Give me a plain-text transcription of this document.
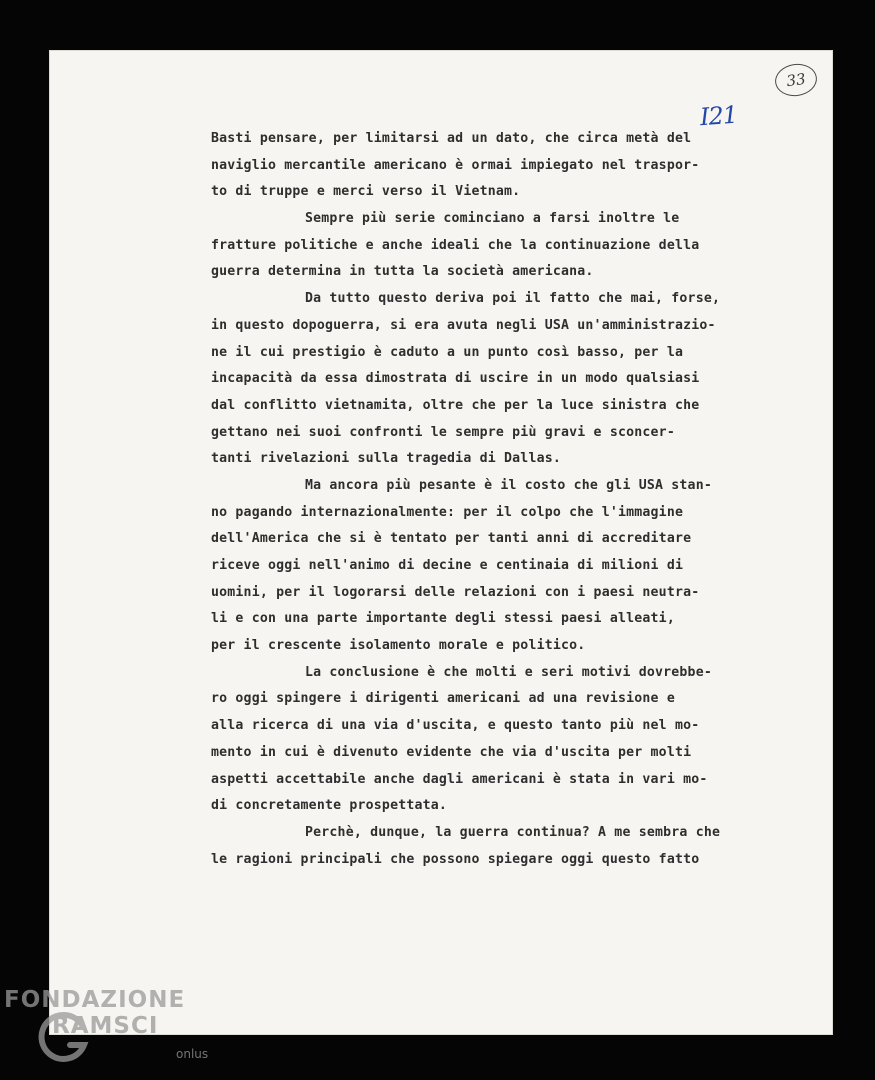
33
I21
Basti pensare, per limitarsi ad un dato, che circa metà del
naviglio mercantile americano è ormai impiegato nel traspor-
to di truppe e merci verso il Vietnam.
Sempre più serie cominciano a farsi inoltre le
fratture politiche e anche ideali che la continuazione della
guerra determina in tutta la società americana.
Da tutto questo deriva poi il fatto che mai, forse,
in questo dopoguerra, si era avuta negli USA un'amministrazio-
ne il cui prestigio è caduto a un punto così basso, per la
incapacità da essa dimostrata di uscire in un modo qualsiasi
dal conflitto vietnamita, oltre che per la luce sinistra che
gettano nei suoi confronti le sempre più gravi e sconcer-
tanti rivelazioni sulla tragedia di Dallas.
Ma ancora più pesante è il costo che gli USA stan-
no pagando internazionalmente: per il colpo che l'immagine
dell'America che si è tentato per tanti anni di accreditare
riceve oggi nell'animo di decine e centinaia di milioni di
uomini, per il logorarsi delle relazioni con i paesi neutra-
li e con una parte importante degli stessi paesi alleati,
per il crescente isolamento morale e politico.
La conclusione è che molti e seri motivi dovrebbe-
ro oggi spingere i dirigenti americani ad una revisione e
alla ricerca di una via d'uscita, e questo tanto più nel mo-
mento in cui è divenuto evidente che via d'uscita per molti
aspetti accettabile anche dagli americani è stata in vari mo-
di concretamente prospettata.
Perchè, dunque, la guerra continua? A me sembra che
le ragioni principali che possono spiegare oggi questo fatto
FONDAZIONE
RAMSCI
onlus
